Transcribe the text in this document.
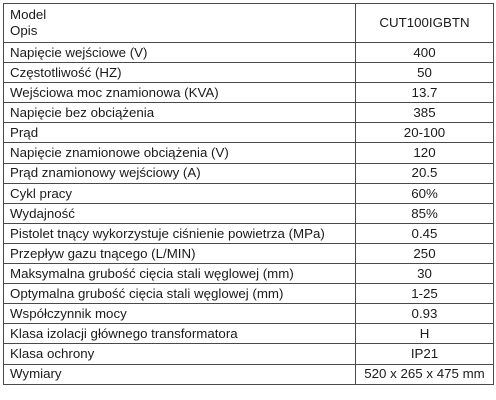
Model
Opis	CUT100IGBTN
Napięcie wejściowe (V)	400
Częstotliwość (HZ)	50
Wejściowa moc znamionowa (KVA)	13.7
Napięcie bez obciążenia	385
Prąd	20-100
Napięcie znamionowe obciążenia (V)	120
Prąd znamionowy wejściowy (A)	20.5
Cykl pracy	60%
Wydajność	85%
Pistolet tnący wykorzystuje ciśnienie powietrza (MPa)	0.45
Przepływ gazu tnącego (L/MIN)	250
Maksymalna grubość cięcia stali węglowej (mm)	30
Optymalna grubość cięcia stali węglowej (mm)	1-25
Współczynnik mocy	0.93
Klasa izolacji głównego transformatora	H
Klasa ochrony	IP21
Wymiary	520 x 265 x 475 mm
